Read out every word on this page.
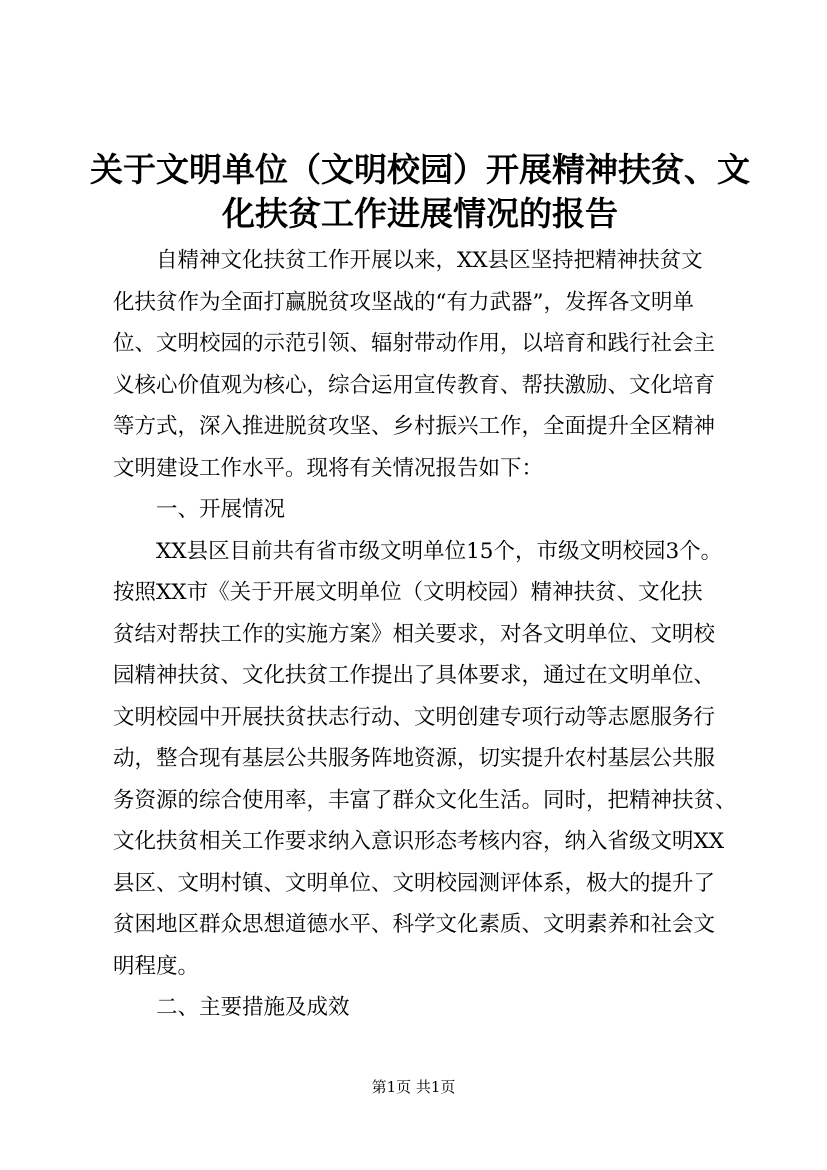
关于文明单位（文明校园）开展精神扶贫、文
化扶贫工作进展情况的报告
自精神文化扶贫工作开展以来，XX县区坚持把精神扶贫文
化扶贫作为全面打赢脱贫攻坚战的“有力武器”，发挥各文明单
位、文明校园的示范引领、辐射带动作用，以培育和践行社会主
义核心价值观为核心，综合运用宣传教育、帮扶激励、文化培育
等方式，深入推进脱贫攻坚、乡村振兴工作，全面提升全区精神
文明建设工作水平。现将有关情况报告如下：
一、开展情况
XX县区目前共有省市级文明单位15个，市级文明校园3个。
按照XX市《关于开展文明单位（文明校园）精神扶贫、文化扶
贫结对帮扶工作的实施方案》相关要求，对各文明单位、文明校
园精神扶贫、文化扶贫工作提出了具体要求，通过在文明单位、
文明校园中开展扶贫扶志行动、文明创建专项行动等志愿服务行
动，整合现有基层公共服务阵地资源，切实提升农村基层公共服
务资源的综合使用率，丰富了群众文化生活。同时，把精神扶贫、
文化扶贫相关工作要求纳入意识形态考核内容，纳入省级文明XX
县区、文明村镇、文明单位、文明校园测评体系，极大的提升了
贫困地区群众思想道德水平、科学文化素质、文明素养和社会文
明程度。
二、主要措施及成效
第1页 共1页
